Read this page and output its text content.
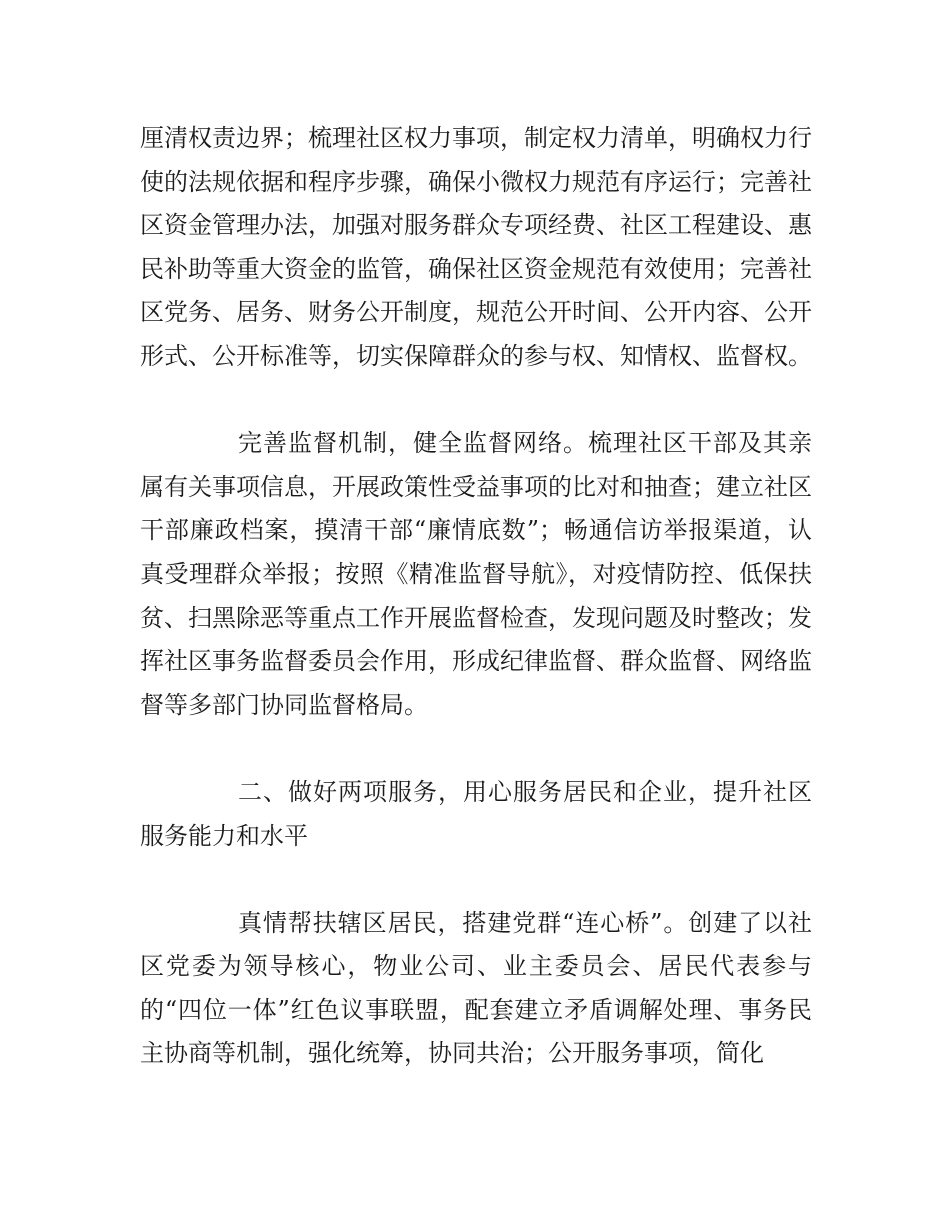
厘清权责边界；梳理社区权力事项，制定权力清单，明确权力行使的法规依据和程序步骤，确保小微权力规范有序运行；完善社区资金管理办法，加强对服务群众专项经费、社区工程建设、惠民补助等重大资金的监管，确保社区资金规范有效使用；完善社区党务、居务、财务公开制度，规范公开时间、公开内容、公开形式、公开标准等，切实保障群众的参与权、知情权、监督权。

完善监督机制，健全监督网络。梳理社区干部及其亲属有关事项信息，开展政策性受益事项的比对和抽查；建立社区干部廉政档案，摸清干部“廉情底数”；畅通信访举报渠道，认真受理群众举报；按照《精准监督导航》，对疫情防控、低保扶贫、扫黑除恶等重点工作开展监督检查，发现问题及时整改；发挥社区事务监督委员会作用，形成纪律监督、群众监督、网络监督等多部门协同监督格局。

二、做好两项服务，用心服务居民和企业，提升社区服务能力和水平

真情帮扶辖区居民，搭建党群“连心桥”。创建了以社区党委为领导核心，物业公司、业主委员会、居民代表参与的“四位一体”红色议事联盟，配套建立矛盾调解处理、事务民主协商等机制，强化统筹，协同共治；公开服务事项，简化
